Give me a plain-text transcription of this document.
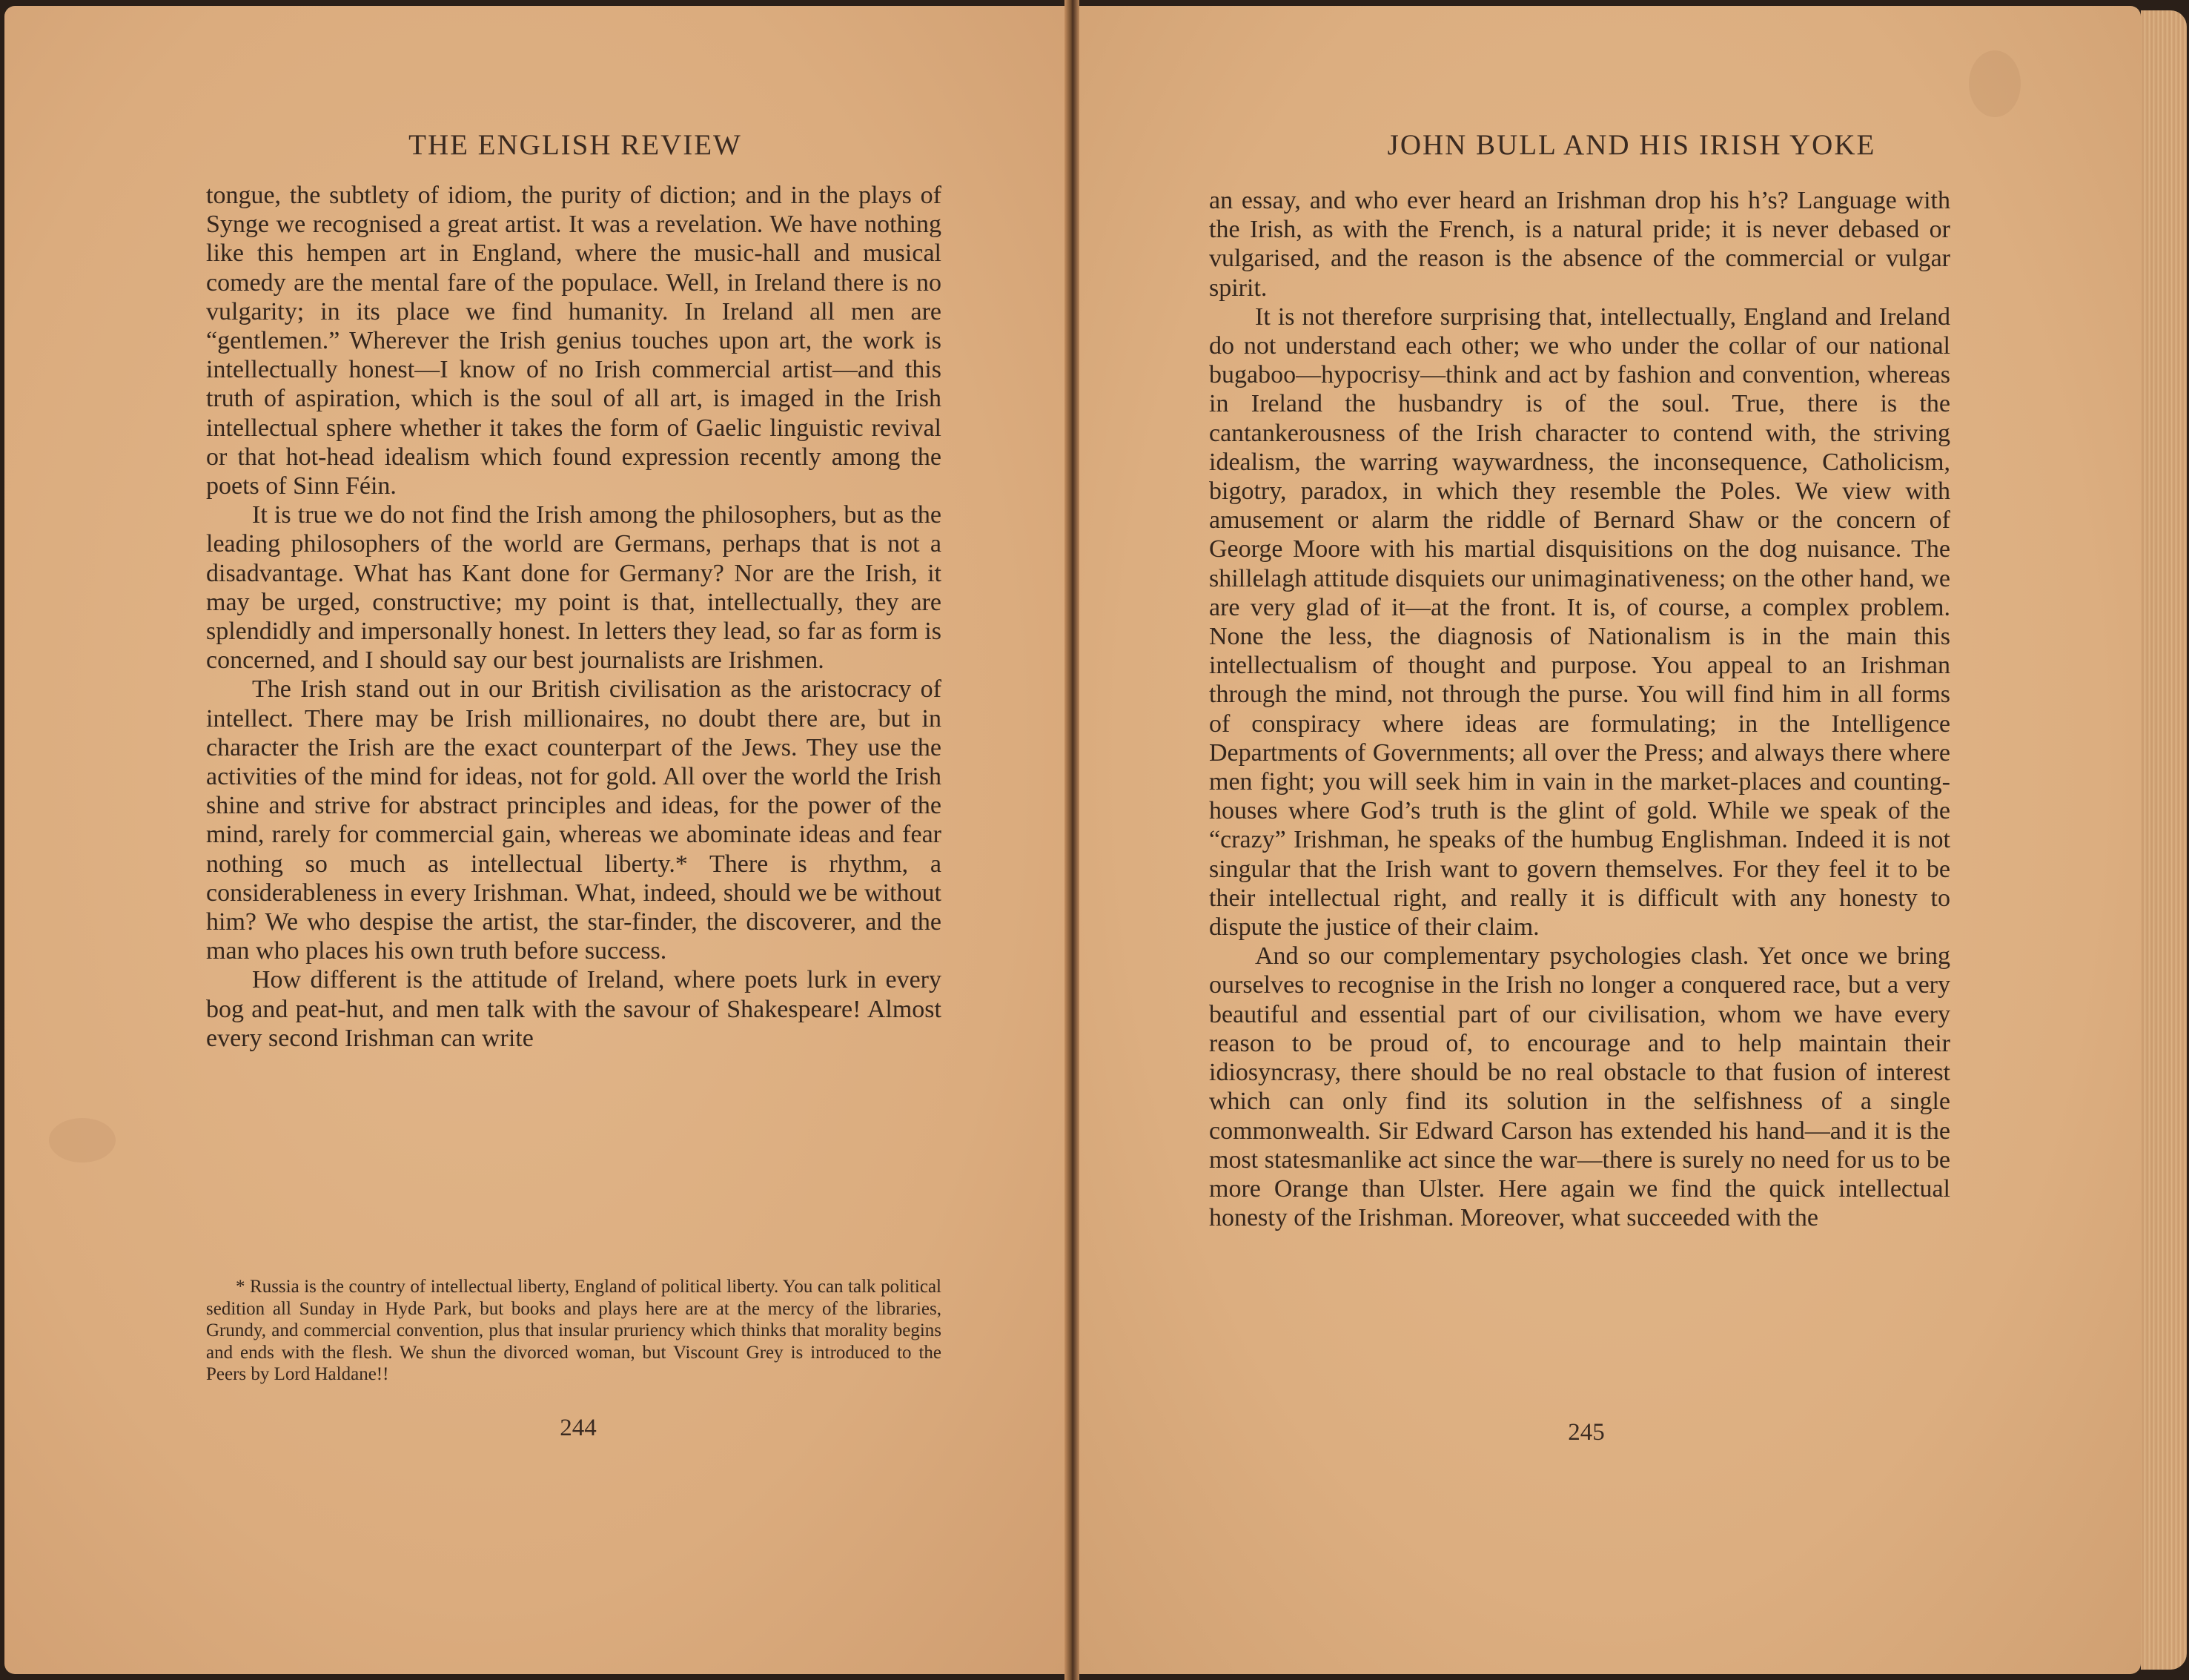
THE ENGLISH REVIEW

tongue, the subtlety of idiom, the purity of diction; and in the plays of Synge we recognised a great artist. It was a revelation. We have nothing like this hempen art in England, where the music-hall and musical comedy are the mental fare of the populace. Well, in Ireland there is no vulgarity; in its place we find humanity. In Ireland all men are “gentlemen.” Wherever the Irish genius touches upon art, the work is intellectually honest—I know of no Irish commercial artist—and this truth of aspiration, which is the soul of all art, is imaged in the Irish intellectual sphere whether it takes the form of Gaelic linguistic revival or that hot-head idealism which found expression recently among the poets of Sinn Féin.

It is true we do not find the Irish among the philosophers, but as the leading philosophers of the world are Germans, perhaps that is not a disadvantage. What has Kant done for Germany? Nor are the Irish, it may be urged, constructive; my point is that, intellectually, they are splendidly and impersonally honest. In letters they lead, so far as form is concerned, and I should say our best journalists are Irishmen.

The Irish stand out in our British civilisation as the aristocracy of intellect. There may be Irish millionaires, no doubt there are, but in character the Irish are the exact counterpart of the Jews. They use the activities of the mind for ideas, not for gold. All over the world the Irish shine and strive for abstract principles and ideas, for the power of the mind, rarely for commercial gain, whereas we abominate ideas and fear nothing so much as intellectual liberty.* There is rhythm, a considerableness in every Irishman. What, indeed, should we be without him? We who despise the artist, the star-finder, the discoverer, and the man who places his own truth before success.

How different is the attitude of Ireland, where poets lurk in every bog and peat-hut, and men talk with the savour of Shakespeare! Almost every second Irishman can write

* Russia is the country of intellectual liberty, England of political liberty. You can talk political sedition all Sunday in Hyde Park, but books and plays here are at the mercy of the libraries, Grundy, and commercial convention, plus that insular pruriency which thinks that morality begins and ends with the flesh. We shun the divorced woman, but Viscount Grey is introduced to the Peers by Lord Haldane!!

244
JOHN BULL AND HIS IRISH YOKE

an essay, and who ever heard an Irishman drop his h’s? Language with the Irish, as with the French, is a natural pride; it is never debased or vulgarised, and the reason is the absence of the commercial or vulgar spirit.

It is not therefore surprising that, intellectually, England and Ireland do not understand each other; we who under the collar of our national bugaboo—hypocrisy—think and act by fashion and convention, whereas in Ireland the husbandry is of the soul. True, there is the cantankerousness of the Irish character to contend with, the striving idealism, the warring waywardness, the inconsequence, Catholicism, bigotry, paradox, in which they resemble the Poles. We view with amusement or alarm the riddle of Bernard Shaw or the concern of George Moore with his martial disquisitions on the dog nuisance. The shillelagh attitude disquiets our unimaginativeness; on the other hand, we are very glad of it—at the front. It is, of course, a complex problem. None the less, the diagnosis of Nationalism is in the main this intellectualism of thought and purpose. You appeal to an Irishman through the mind, not through the purse. You will find him in all forms of conspiracy where ideas are formulating; in the Intelligence Departments of Governments; all over the Press; and always there where men fight; you will seek him in vain in the market-places and counting-houses where God’s truth is the glint of gold. While we speak of the “crazy” Irishman, he speaks of the humbug Englishman. Indeed it is not singular that the Irish want to govern themselves. For they feel it to be their intellectual right, and really it is difficult with any honesty to dispute the justice of their claim.

And so our complementary psychologies clash. Yet once we bring ourselves to recognise in the Irish no longer a conquered race, but a very beautiful and essential part of our civilisation, whom we have every reason to be proud of, to encourage and to help maintain their idiosyncrasy, there should be no real obstacle to that fusion of interest which can only find its solution in the selfishness of a single commonwealth. Sir Edward Carson has extended his hand—and it is the most statesmanlike act since the war—there is surely no need for us to be more Orange than Ulster. Here again we find the quick intellectual honesty of the Irishman. Moreover, what succeeded with the

245
